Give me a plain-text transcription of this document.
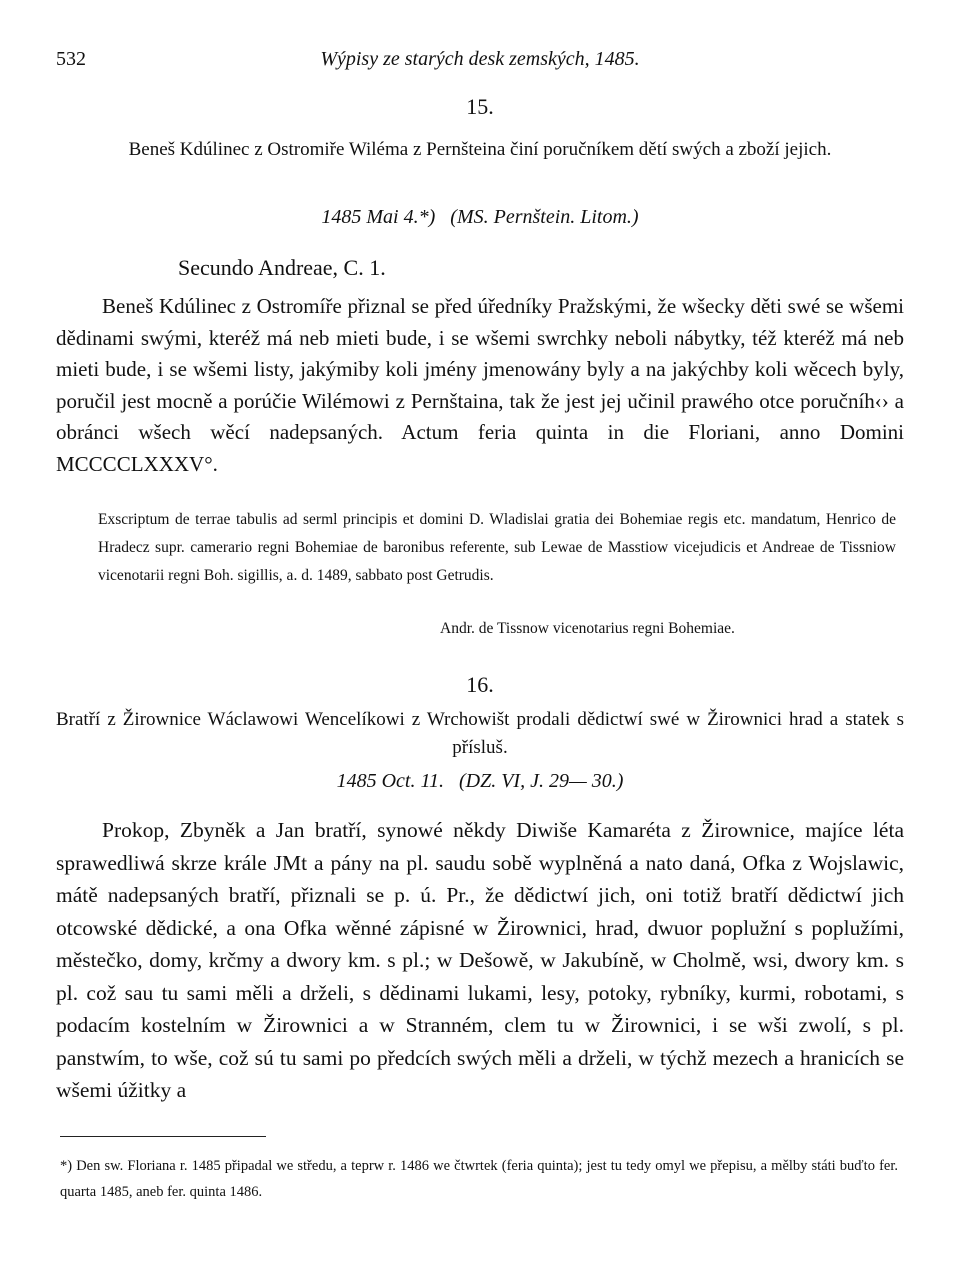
532	Wýpisy ze starých desk zemských, 1485.
15.
Beneš Kdúlinec z Ostromiře Wiléma z Pernšteina činí poručníkem dětí swých a zboží jejich.
1485 Mai 4.*) (MS. Pernštein. Litom.)
Secundo Andreae, C. 1.
Beneš Kdúlinec z Ostromíře přiznal se před úředníky Pražskými, že wšecky děti swé se wšemi dědinami swými, kteréž má neb mieti bude, i se wšemi swrchky neboli nábytky, též kteréž má neb mieti bude, i se wšemi listy, jakýmiby koli jmény jmenowány byly a na jakýchby koli wěcech byly, poručil jest mocně a porúčie Wilémowi z Pernštaina, tak že jest jej učinil prawého otce poručníh‹› a obránci wšech wěcí nadepsaných. Actum feria quinta in die Floriani, anno Domini MCCCCLXXXV°.
Exscriptum de terrae tabulis ad serml principis et domini D. Wladislai gratia dei Bohemiae regis etc. mandatum, Henrico de Hradecz supr. camerario regni Bohemiae de baronibus referente, sub Lewae de Masstiow vicejudicis et Andreae de Tissniow vicenotarii regni Boh. sigillis, a. d. 1489, sabbato post Getrudis.
Andr. de Tissnow vicenotarius regni Bohemiae.
16.
Bratří z Žirownice Wáclawowi Wencelíkowi z Wrchowišt prodali dědictwí swé w Žirownici hrad a statek s přísluš.
1485 Oct. 11. (DZ. VI, J. 29— 30.)
Prokop, Zbyněk a Jan bratří, synowé někdy Diwiše Kamaréta z Žirownice, majíce léta sprawedliwá skrze krále JMt a pány na pl. saudu sobě wyplněná a nato daná, Ofka z Wojslawic, mátě nadepsaných bratří, přiznali se p. ú. Pr., že dědictwí jich, oni totiž bratří dědictwí jich otcowské dědické, a ona Ofka wěnné zápisné w Žirownici, hrad, dwuor poplužní s poplužími, městečko, domy, krčmy a dwory km. s pl.; w Dešowě, w Jakubíně, w Cholmě, wsi, dwory km. s pl. což sau tu sami měli a drželi, s dědinami lukami, lesy, potoky, rybníky, kurmi, robotami, s podacím kostelním w Žirownici a w Stranném, clem tu w Žirownici, i se wši zwolí, s pl. panstwím, to wše, což sú tu sami po předcích swých měli a drželi, w týchž mezech a hranicích se wšemi úžitky a
*) Den sw. Floriana r. 1485 připadal we středu, a teprw r. 1486 we čtwrtek (feria quinta); jest tu tedy omyl we přepisu, a mělby státi buďto fer. quarta 1485, aneb fer. quinta 1486.
